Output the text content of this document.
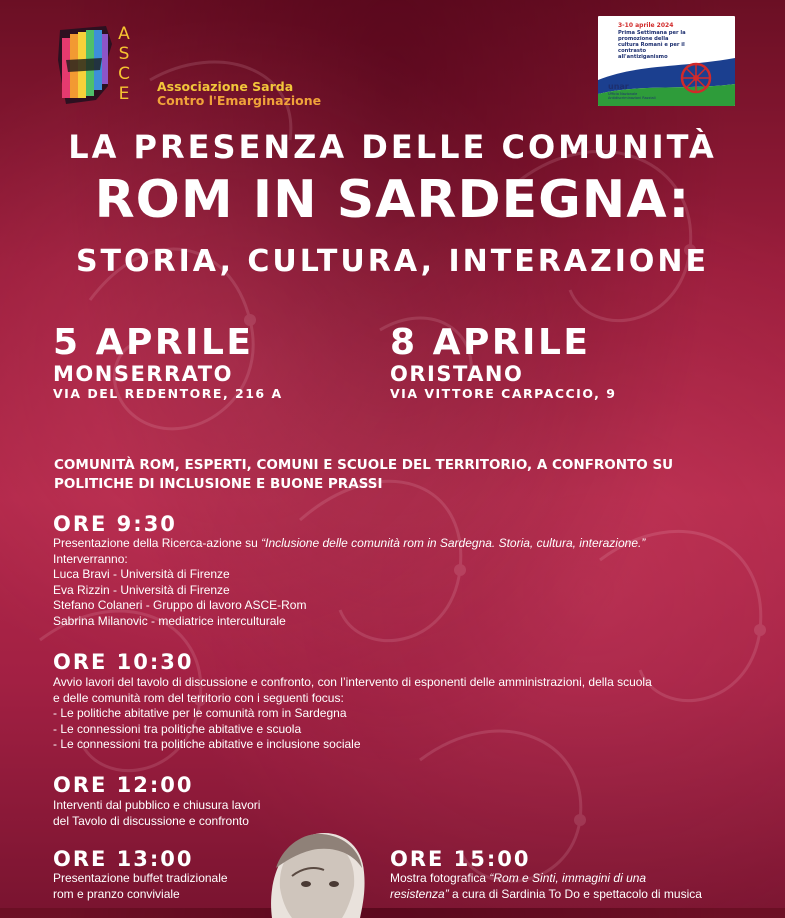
ASCE Associazione Sarda
Contro l'Emarginazione
3-10 aprile 2024
Prima Settimana per la promozione della cultura Romanì e per il contrasto all'antiziganismo
unar
Ufficio Nazionale Antidiscriminazioni Razziali
LA PRESENZA DELLE COMUNITÀ
ROM IN SARDEGNA:
STORIA, CULTURA, INTERAZIONE
5 APRILE
MONSERRATO
VIA DEL REDENTORE, 216 A
8 APRILE
ORISTANO
VIA VITTORE CARPACCIO, 9
COMUNITÀ ROM, ESPERTI, COMUNI E SCUOLE DEL TERRITORIO, A CONFRONTO SU POLITICHE DI INCLUSIONE E BUONE PRASSI
ORE 9:30
Presentazione della Ricerca-azione su “Inclusione delle comunità rom in Sardegna. Storia, cultura, interazione.”
Interverranno:
Luca Bravi - Università di Firenze
Eva Rizzin - Università di Firenze
Stefano Colaneri - Gruppo di lavoro ASCE-Rom
Sabrina Milanovic - mediatrice interculturale
ORE 10:30
Avvio lavori del tavolo di discussione e confronto, con l’intervento di esponenti delle amministrazioni, della scuola
e delle comunità rom del territorio con i seguenti focus:
- Le politiche abitative per le comunità rom in Sardegna
- Le connessioni tra politiche abitative e scuola
- Le connessioni tra politiche abitative e inclusione sociale
ORE 12:00
Interventi dal pubblico e chiusura lavori
del Tavolo di discussione e confronto
ORE 13:00
Presentazione buffet tradizionale
rom e pranzo conviviale
ORE 15:00
Mostra fotografica “Rom e Sinti, immagini di una
resistenza” a cura di Sardinia To Do e spettacolo di musica
